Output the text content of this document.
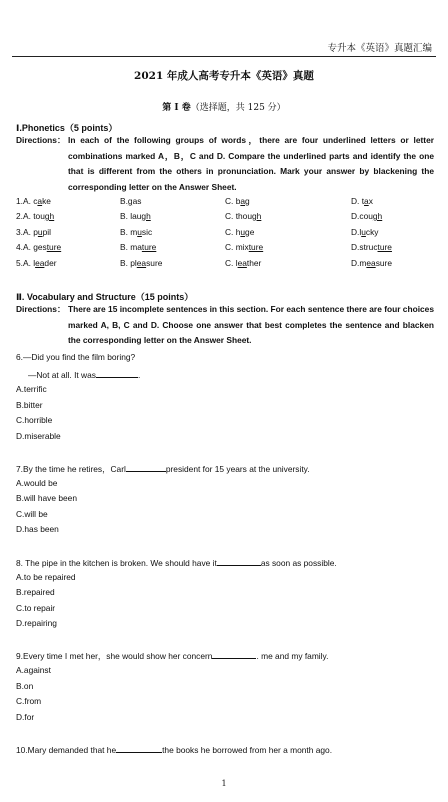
专升本《英语》真题汇编
2021 年成人高考专升本《英语》真题
第 I 卷（选择题，共 125 分）
Ⅰ.Phonetics（5 points）
Directions： In each of the following groups of words，there are four underlined letters or letter combinations marked A，B，C and D. Compare the underlined parts and identify the one that is different from the others in pronunciation. Mark your answer by blackening the corresponding letter on the Answer Sheet.
1.A. cake	B.gas	C. bag	D. tax
2.A. tough	B. laugh	C. though	D.cough
3.A. pupil	B. music	C. huge	D.lucky
4.A. gesture	B. mature	C. mixture	D.structure
5.A. leader	B. pleasure	C. leather	D.measure
Ⅱ. Vocabulary and Structure（15 points）
Directions： There are 15 incomplete sentences in this section. For each sentence there are four choices marked A, B, C and D. Choose one answer that best completes the sentence and blacken the corresponding letter on the Answer Sheet.
6.—Did you find the film boring?
—Not at all. It was	.
A.terrific
B.bitter
C.horrible
D.miserable
7.By the time he retires，Carl	president for 15 years at the university.
A.would be
B.will have been
C.will be
D.has been
8. The pipe in the kitchen is broken. We should have it	as soon as possible.
A.to be repaired
B.repaired
C.to repair
D.repairing
9.Every time I met her，she would show her concern	. me and my family.
A.against
B.on
C.from
D.for
10.Mary demanded that he	the books he borrowed from her a month ago.
1
